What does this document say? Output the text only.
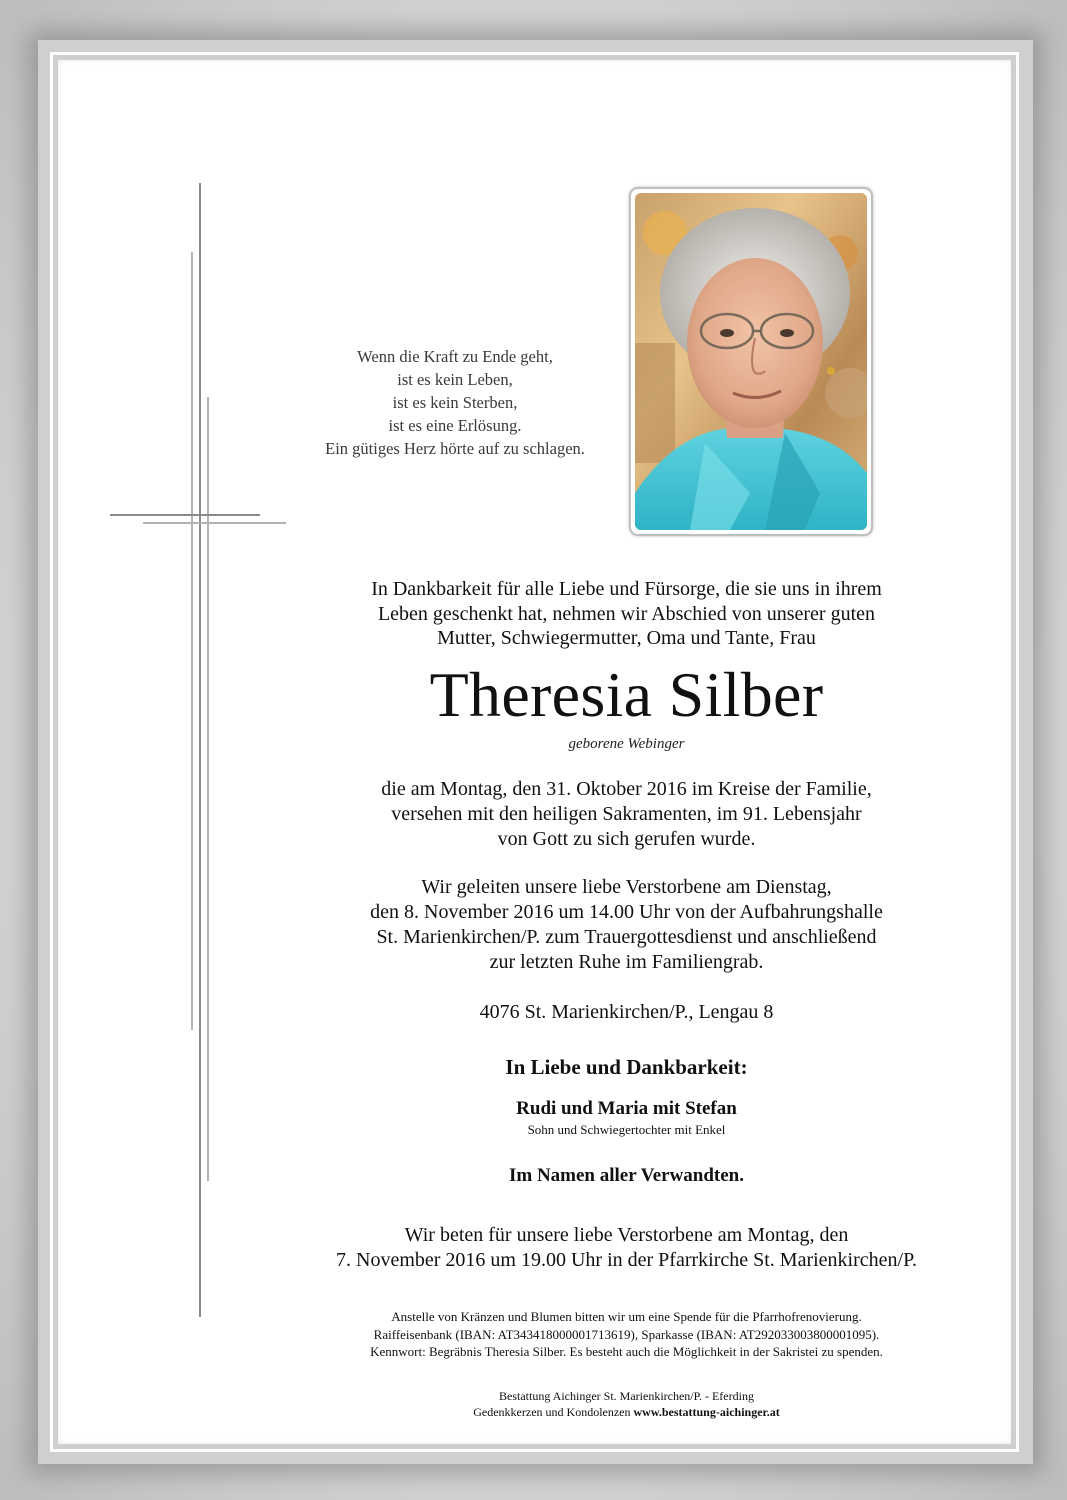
Wenn die Kraft zu Ende geht,
ist es kein Leben,
ist es kein Sterben,
ist es eine Erlösung.
Ein gütiges Herz hörte auf zu schlagen.
In Dankbarkeit für alle Liebe und Fürsorge, die sie uns in ihrem
Leben geschenkt hat, nehmen wir Abschied von unserer guten
Mutter, Schwiegermutter, Oma und Tante, Frau
Theresia Silber
geborene Webinger
die am Montag, den 31. Oktober 2016 im Kreise der Familie,
versehen mit den heiligen Sakramenten, im 91. Lebensjahr
von Gott zu sich gerufen wurde.
Wir geleiten unsere liebe Verstorbene am Dienstag,
den 8. November 2016 um 14.00 Uhr von der Aufbahrungshalle
St. Marienkirchen/P. zum Trauergottesdienst und anschließend
zur letzten Ruhe im Familiengrab.
4076 St. Marienkirchen/P., Lengau 8
In Liebe und Dankbarkeit:
Rudi und Maria mit Stefan
Sohn und Schwiegertochter mit Enkel
Im Namen aller Verwandten.
Wir beten für unsere liebe Verstorbene am Montag, den
7. November 2016 um 19.00 Uhr in der Pfarrkirche St. Marienkirchen/P.
Anstelle von Kränzen und Blumen bitten wir um eine Spende für die Pfarrhofrenovierung.
Raiffeisenbank (IBAN: AT343418000001713619), Sparkasse (IBAN: AT292033003800001095).
Kennwort: Begräbnis Theresia Silber. Es besteht auch die Möglichkeit in der Sakristei zu spenden.
Bestattung Aichinger St. Marienkirchen/P. - Eferding
Gedenkkerzen und Kondolenzen www.bestattung-aichinger.at
